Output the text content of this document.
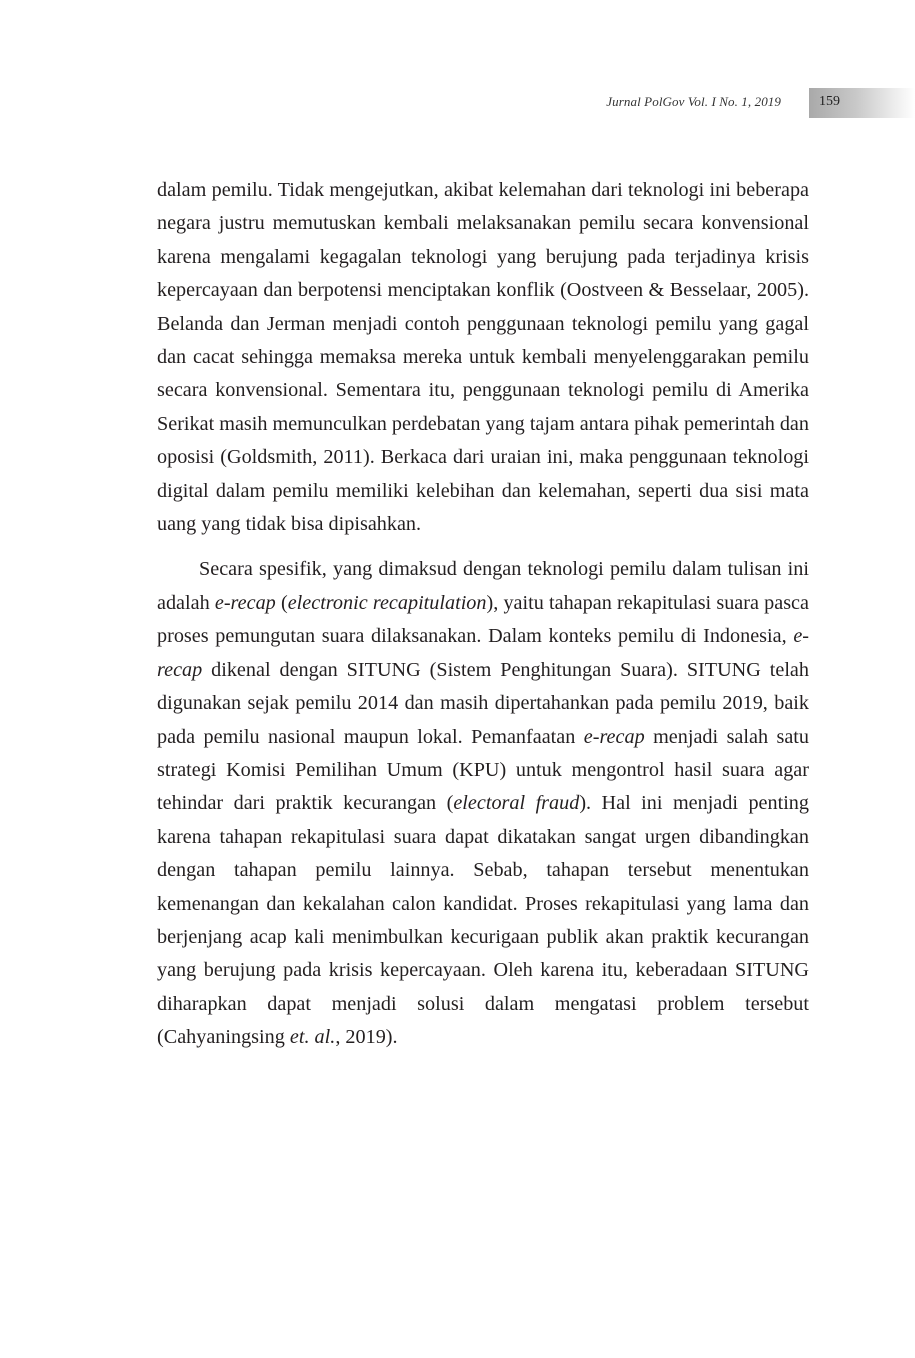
Jurnal PolGov Vol. I No. 1, 2019	159

dalam pemilu. Tidak mengejutkan, akibat kelemahan dari teknologi ini beberapa negara justru memutuskan kembali melaksanakan pemilu secara konvensional karena mengalami kegagalan teknologi yang berujung pada terjadinya krisis kepercayaan dan berpotensi menciptakan konflik (Oostveen & Besselaar, 2005). Belanda dan Jerman menjadi contoh penggunaan teknologi pemilu yang gagal dan cacat sehingga memaksa mereka untuk kembali menyelenggarakan pemilu secara konvensional. Sementara itu, penggunaan teknologi pemilu di Amerika Serikat masih memunculkan perdebatan yang tajam antara pihak pemerintah dan oposisi (Goldsmith, 2011). Berkaca dari uraian ini, maka penggunaan teknologi digital dalam pemilu memiliki kelebihan dan kelemahan, seperti dua sisi mata uang yang tidak bisa dipisahkan.

Secara spesifik, yang dimaksud dengan teknologi pemilu dalam tulisan ini adalah e-recap (electronic recapitulation), yaitu tahapan rekapitulasi suara pasca proses pemungutan suara dilaksanakan. Dalam konteks pemilu di Indonesia, e-recap dikenal dengan SITUNG (Sistem Penghitungan Suara). SITUNG telah digunakan sejak pemilu 2014 dan masih dipertahankan pada pemilu 2019, baik pada pemilu nasional maupun lokal. Pemanfaatan e-recap menjadi salah satu strategi Komisi Pemilihan Umum (KPU) untuk mengontrol hasil suara agar tehindar dari praktik kecurangan (electoral fraud). Hal ini menjadi penting karena tahapan rekapitulasi suara dapat dikatakan sangat urgen dibandingkan dengan tahapan pemilu lainnya. Sebab, tahapan tersebut menentukan kemenangan dan kekalahan calon kandidat. Proses rekapitulasi yang lama dan berjenjang acap kali menimbulkan kecurigaan publik akan praktik kecurangan yang berujung pada krisis kepercayaan. Oleh karena itu, keberadaan SITUNG diharapkan dapat menjadi solusi dalam mengatasi problem tersebut (Cahyaningsing et. al., 2019).
